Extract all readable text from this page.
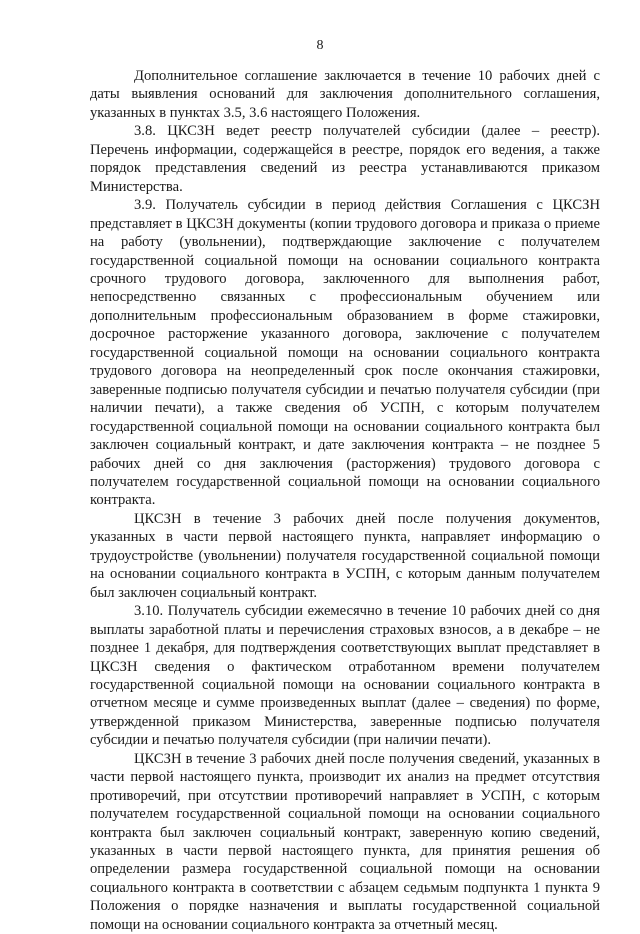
8

Дополнительное соглашение заключается в течение 10 рабочих дней с даты выявления оснований для заключения дополнительного соглашения, указанных в пунктах 3.5, 3.6 настоящего Положения.

3.8. ЦКСЗН ведет реестр получателей субсидии (далее – реестр). Перечень информации, содержащейся в реестре, порядок его ведения, а также порядок представления сведений из реестра устанавливаются приказом Министерства.

3.9. Получатель субсидии в период действия Соглашения с ЦКСЗН представляет в ЦКСЗН документы (копии трудового договора и приказа о приеме на работу (увольнении), подтверждающие заключение с получателем государственной социальной помощи на основании социального контракта срочного трудового договора, заключенного для выполнения работ, непосредственно связанных с профессиональным обучением или дополнительным профессиональным образованием в форме стажировки, досрочное расторжение указанного договора, заключение с получателем государственной социальной помощи на основании социального контракта трудового договора на неопределенный срок после окончания стажировки, заверенные подписью получателя субсидии и печатью получателя субсидии (при наличии печати), а также сведения об УСПН, с которым получателем государственной социальной помощи на основании социального контракта был заключен социальный контракт, и дате заключения контракта – не позднее 5 рабочих дней со дня заключения (расторжения) трудового договора с получателем государственной социальной помощи на основании социального контракта.

ЦКСЗН в течение 3 рабочих дней после получения документов, указанных в части первой настоящего пункта, направляет информацию о трудоустройстве (увольнении) получателя государственной социальной помощи на основании социального контракта в УСПН, с которым данным получателем был заключен социальный контракт.

3.10. Получатель субсидии ежемесячно в течение 10 рабочих дней со дня выплаты заработной платы и перечисления страховых взносов, а в декабре – не позднее 1 декабря, для подтверждения соответствующих выплат представляет в ЦКСЗН сведения о фактическом отработанном времени получателем государственной социальной помощи на основании социального контракта в отчетном месяце и сумме произведенных выплат (далее – сведения) по форме, утвержденной приказом Министерства, заверенные подписью получателя субсидии и печатью получателя субсидии (при наличии печати).

ЦКСЗН в течение 3 рабочих дней после получения сведений, указанных в части первой настоящего пункта, производит их анализ на предмет отсутствия противоречий, при отсутствии противоречий направляет в УСПН, с которым получателем государственной социальной помощи на основании социального контракта был заключен социальный контракт, заверенную копию сведений, указанных в части первой настоящего пункта, для принятия решения об определении размера государственной социальной помощи на основании социального контракта в соответствии с абзацем седьмым подпункта 1 пункта 9 Положения о порядке назначения и выплаты государственной социальной помощи на основании социального контракта за отчетный месяц.
